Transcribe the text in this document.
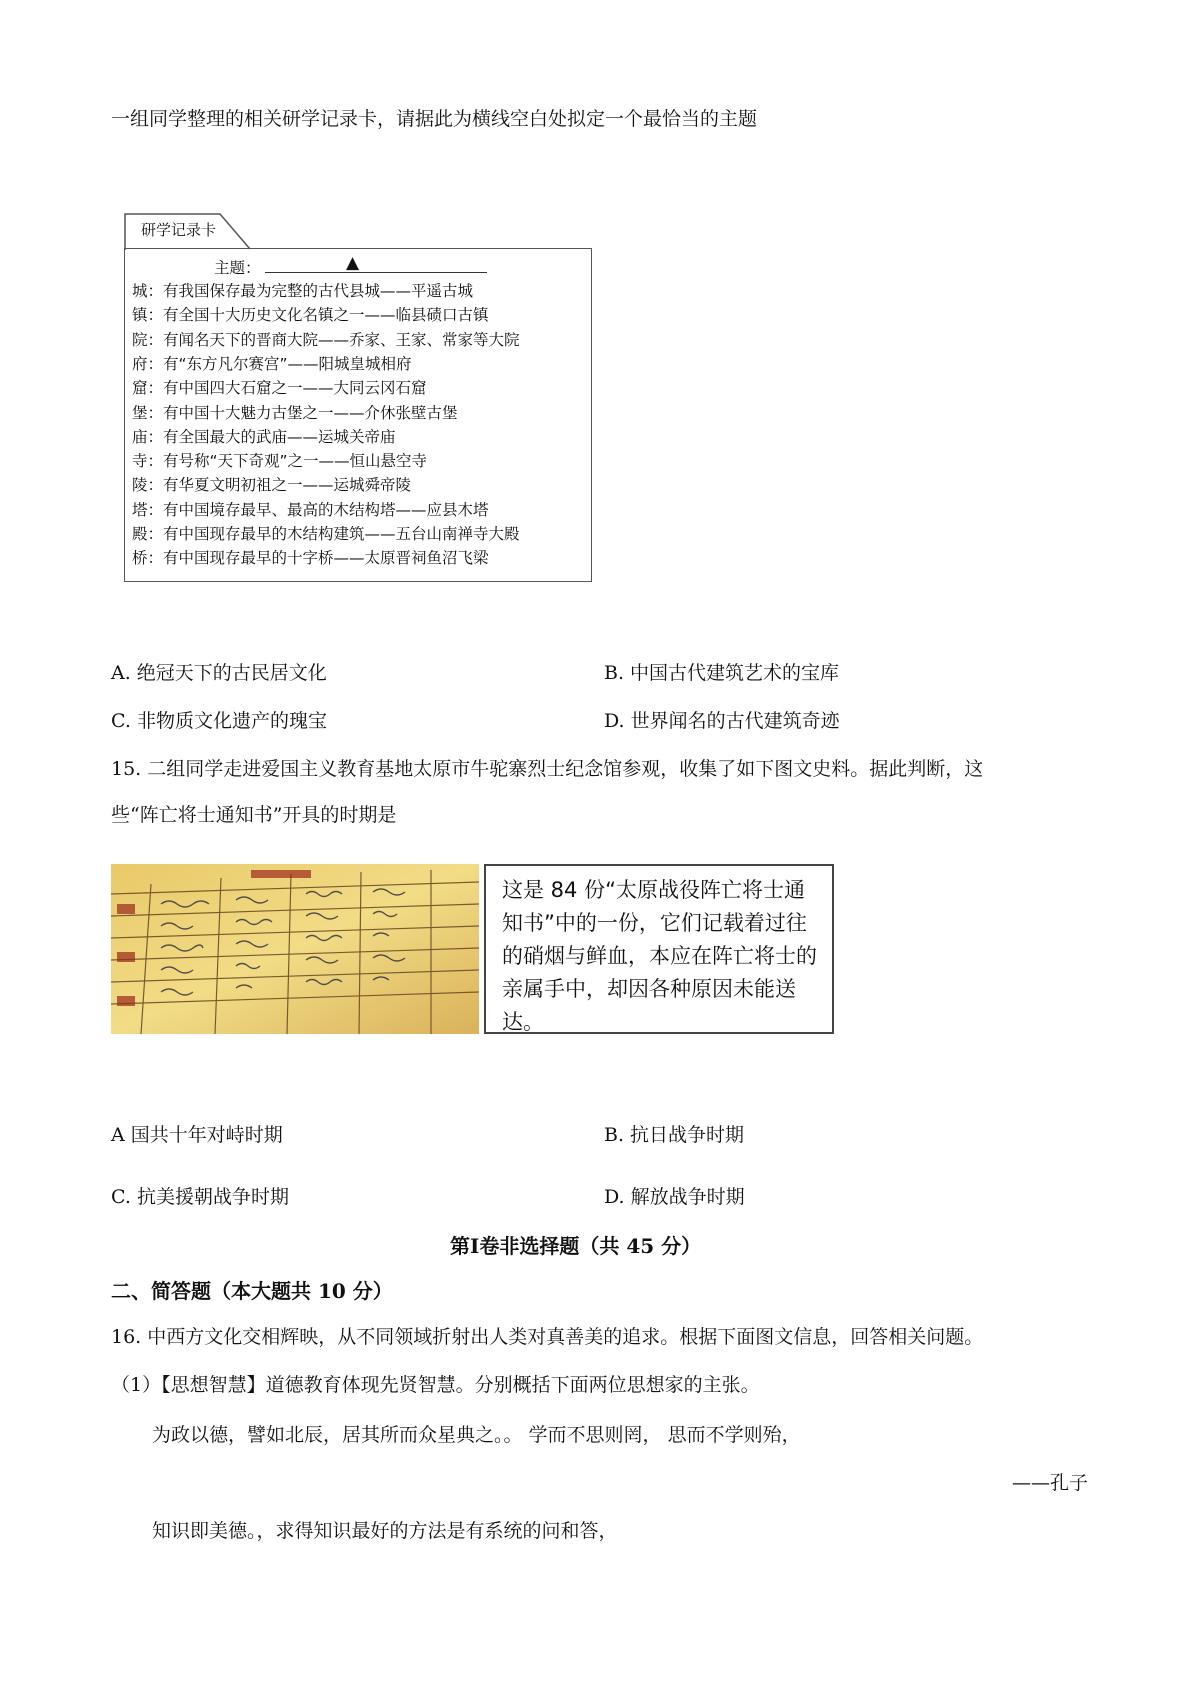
一组同学整理的相关研学记录卡，请据此为横线空白处拟定一个最恰当的主题
研学记录卡
主题：	▲
城：有我国保存最为完整的古代县城——平遥古城
镇：有全国十大历史文化名镇之一——临县碛口古镇
院：有闻名天下的晋商大院——乔家、王家、常家等大院
府：有“东方凡尔赛宫”——阳城皇城相府
窟：有中国四大石窟之一——大同云冈石窟
堡：有中国十大魅力古堡之一——介休张壁古堡
庙：有全国最大的武庙——运城关帝庙
寺：有号称“天下奇观”之一——恒山悬空寺
陵：有华夏文明初祖之一——运城舜帝陵
塔：有中国境存最早、最高的木结构塔——应县木塔
殿：有中国现存最早的木结构建筑——五台山南禅寺大殿
桥：有中国现存最早的十字桥——太原晋祠鱼沼飞梁
A. 绝冠天下的古民居文化	B. 中国古代建筑艺术的宝库
C. 非物质文化遗产的瑰宝	D. 世界闻名的古代建筑奇迹
15. 二组同学走进爱国主义教育基地太原市牛驼寨烈士纪念馆参观，收集了如下图文史料。据此判断，这
些“阵亡将士通知书”开具的时期是
这是 84 份“太原战役阵亡将士通知书”中的一份，它们记载着过往的硝烟与鲜血，本应在阵亡将士的亲属手中，却因各种原因未能送达。
A 国共十年对峙时期	B. 抗日战争时期
C. 抗美援朝战争时期	D. 解放战争时期
第Ⅰ卷非选择题（共 45 分）
二、简答题（本大题共 10 分）
16. 中西方文化交相辉映，从不同领域折射出人类对真善美的追求。根据下面图文信息，回答相关问题。
（1）【思想智慧】道德教育体现先贤智慧。分别概括下面两位思想家的主张。
为政以德，譬如北辰，居其所而众星典之。。 学而不思则罔， 思而不学则殆，
——孔子
知识即美德。，求得知识最好的方法是有系统的问和答，
